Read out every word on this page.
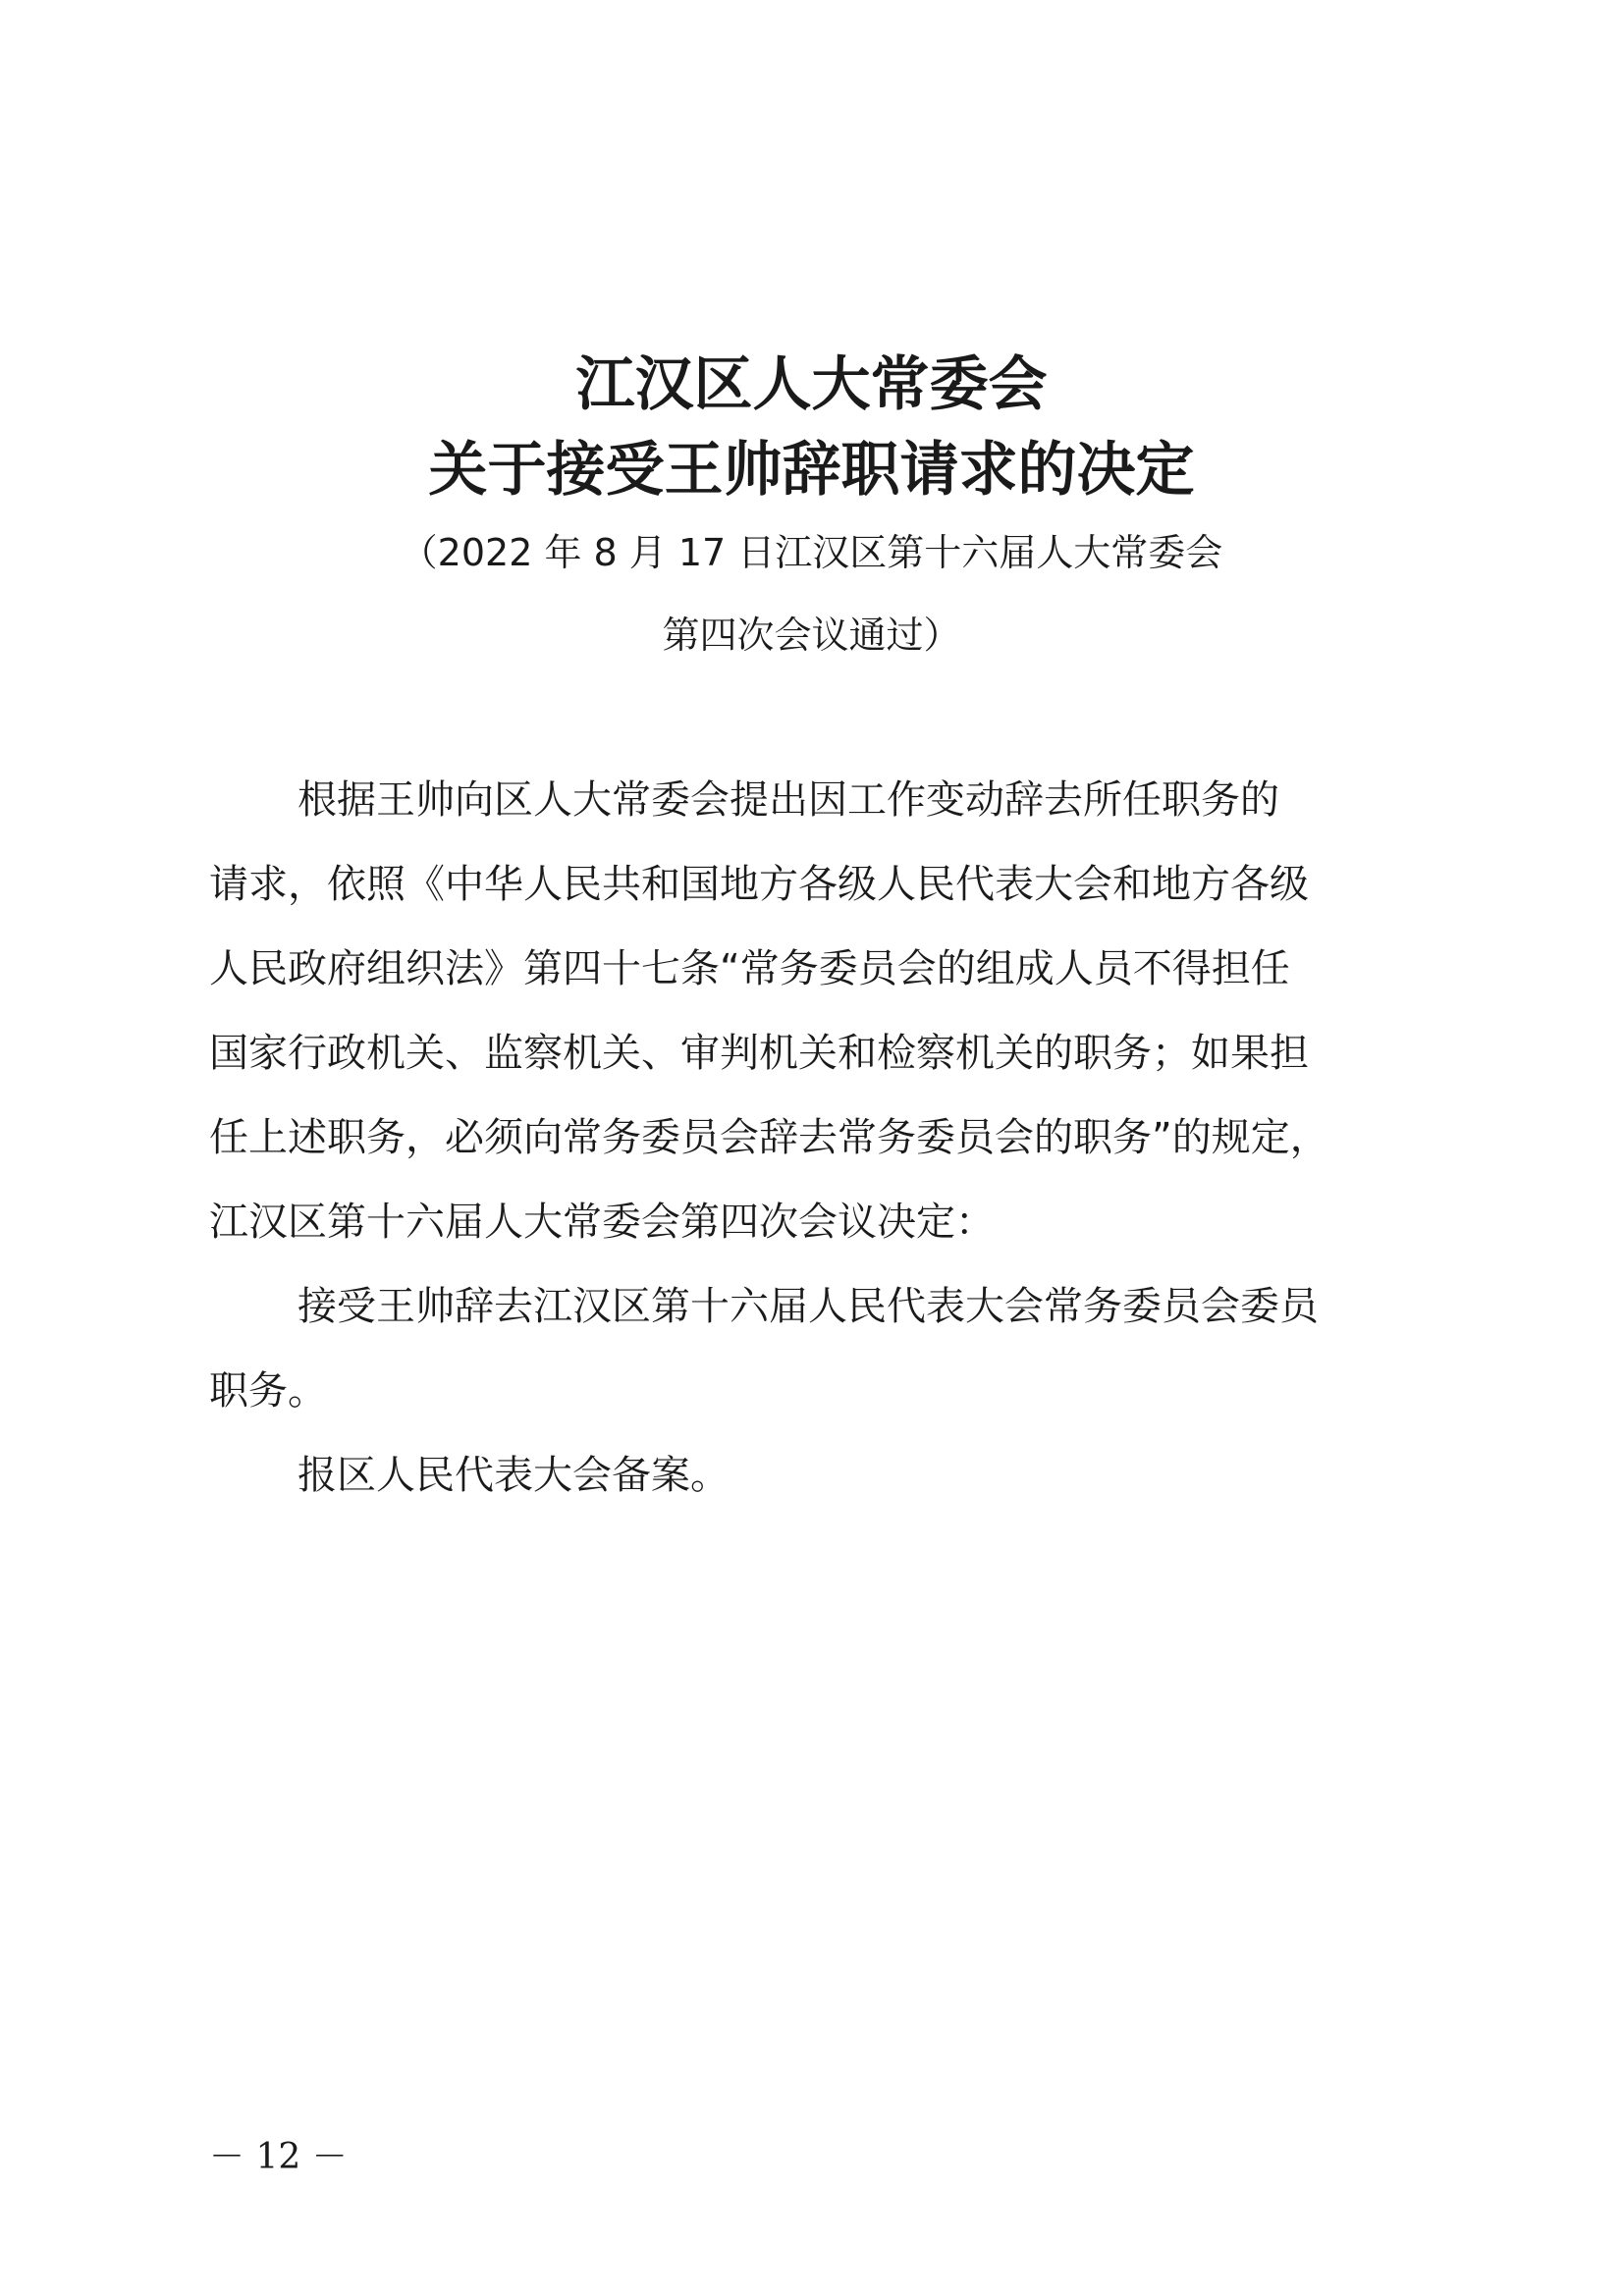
江汉区人大常委会
关于接受王帅辞职请求的决定
（2022 年 8 月 17 日江汉区第十六届人大常委会
第四次会议通过）
根据王帅向区人大常委会提出因工作变动辞去所任职务的
请求，依照《中华人民共和国地方各级人民代表大会和地方各级
人民政府组织法》第四十七条“常务委员会的组成人员不得担任
国家行政机关、监察机关、审判机关和检察机关的职务；如果担
任上述职务，必须向常务委员会辞去常务委员会的职务”的规定，
江汉区第十六届人大常委会第四次会议决定：
接受王帅辞去江汉区第十六届人民代表大会常务委员会委员
职务。
报区人民代表大会备案。
－ 12 －
